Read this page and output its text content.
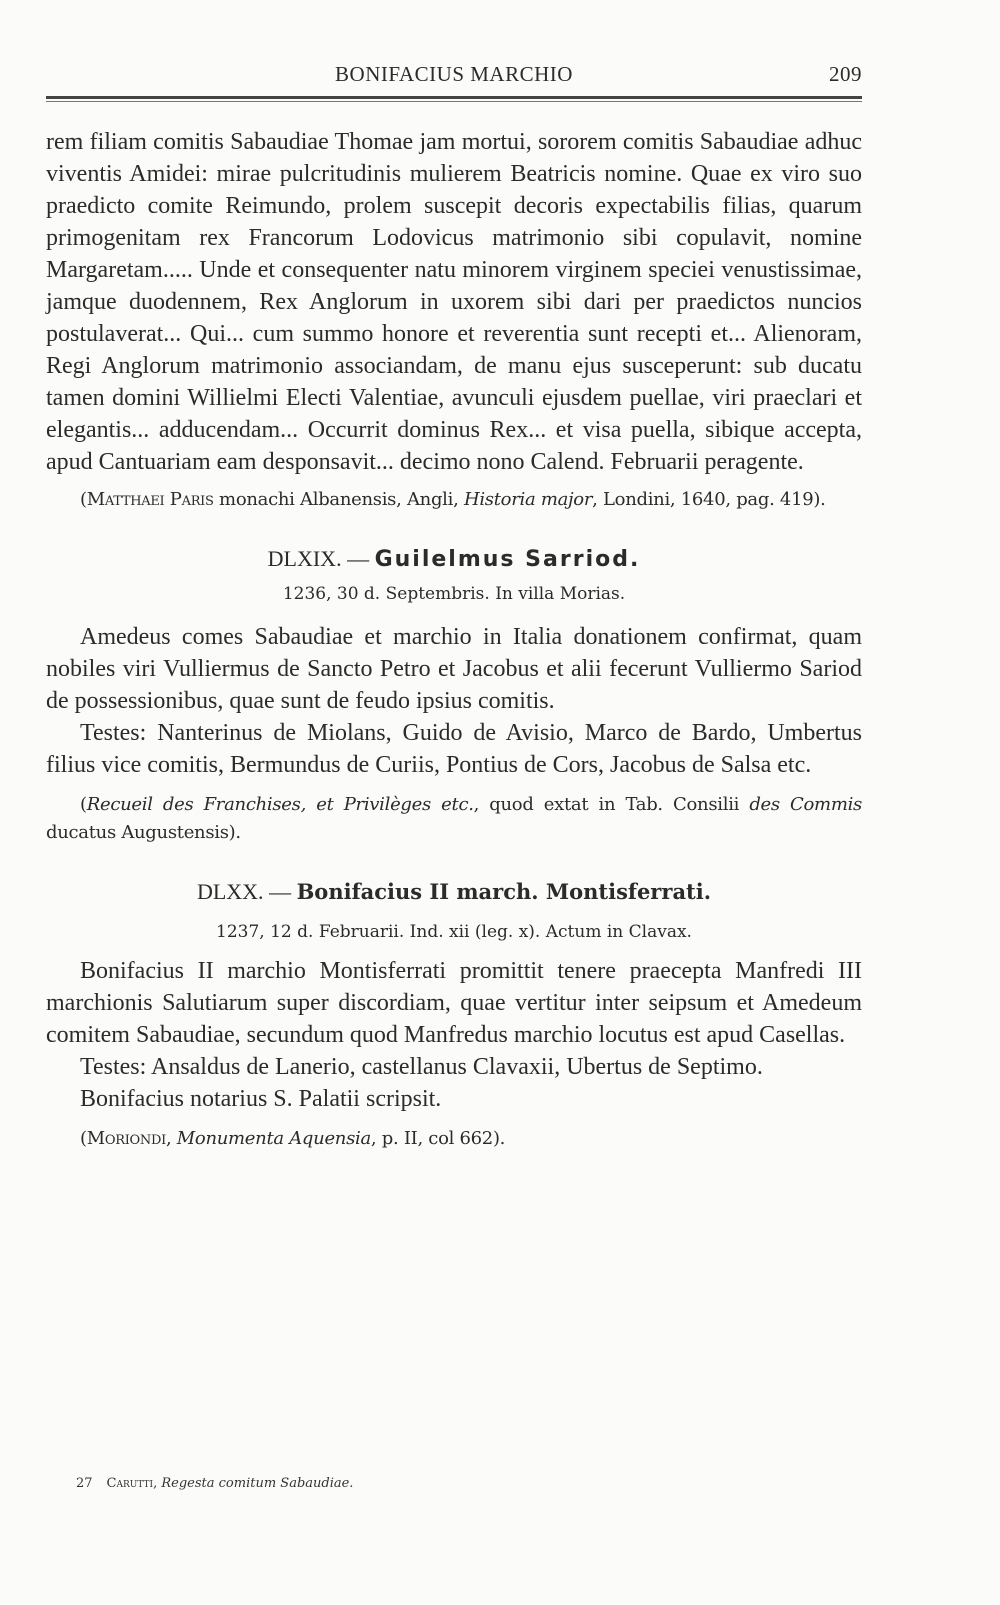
BONIFACIUS MARCHIO	209

rem filiam comitis Sabaudiae Thomae jam mortui, sororem comitis Sabaudiae adhuc viventis Amidei: mirae pulcritudinis mulierem Beatricis nomine. Quae ex viro suo praedicto comite Reimundo, prolem suscepit decoris expectabilis filias, quarum primogenitam rex Francorum Lodovicus matrimonio sibi copulavit, nomine Margaretam..... Unde et consequenter natu minorem virginem speciei venustissimae, jamque duodennem, Rex Anglorum in uxorem sibi dari per praedictos nuncios postulaverat... Qui... cum summo honore et reverentia sunt recepti et... Alienoram, Regi Anglorum matrimonio associandam, de manu ejus susceperunt: sub ducatu tamen domini Willielmi Electi Valentiae, avunculi ejusdem puellae, viri praeclari et elegantis... adducendam... Occurrit dominus Rex... et visa puella, sibique accepta, apud Cantuariam eam desponsavit... decimo nono Calend. Februarii peragente.

(Matthaei Paris monachi Albanensis, Angli, Historia major, Londini, 1640, pag. 419).

DLXIX. — Guilelmus Sarriod.

1236, 30 d. Septembris. In villa Morias.

Amedeus comes Sabaudiae et marchio in Italia donationem confirmat, quam nobiles viri Vulliermus de Sancto Petro et Jacobus et alii fecerunt Vulliermo Sariod de possessionibus, quae sunt de feudo ipsius comitis.

Testes: Nanterinus de Miolans, Guido de Avisio, Marco de Bardo, Umbertus filius vice comitis, Bermundus de Curiis, Pontius de Cors, Jacobus de Salsa etc.

(Recueil des Franchises, et Privilèges etc., quod extat in Tab. Consilii des Commis ducatus Augustensis).

DLXX. — Bonifacius II march. Montisferrati.

1237, 12 d. Februarii. Ind. xii (leg. x). Actum in Clavax.

Bonifacius II marchio Montisferrati promittit tenere praecepta Manfredi III marchionis Salutiarum super discordiam, quae vertitur inter seipsum et Amedeum comitem Sabaudiae, secundum quod Manfredus marchio locutus est apud Casellas.

Testes: Ansaldus de Lanerio, castellanus Clavaxii, Ubertus de Septimo.

Bonifacius notarius S. Palatii scripsit.

(Moriondi, Monumenta Aquensia, p. II, col 662).

27 Carutti, Regesta comitum Sabaudiae.
